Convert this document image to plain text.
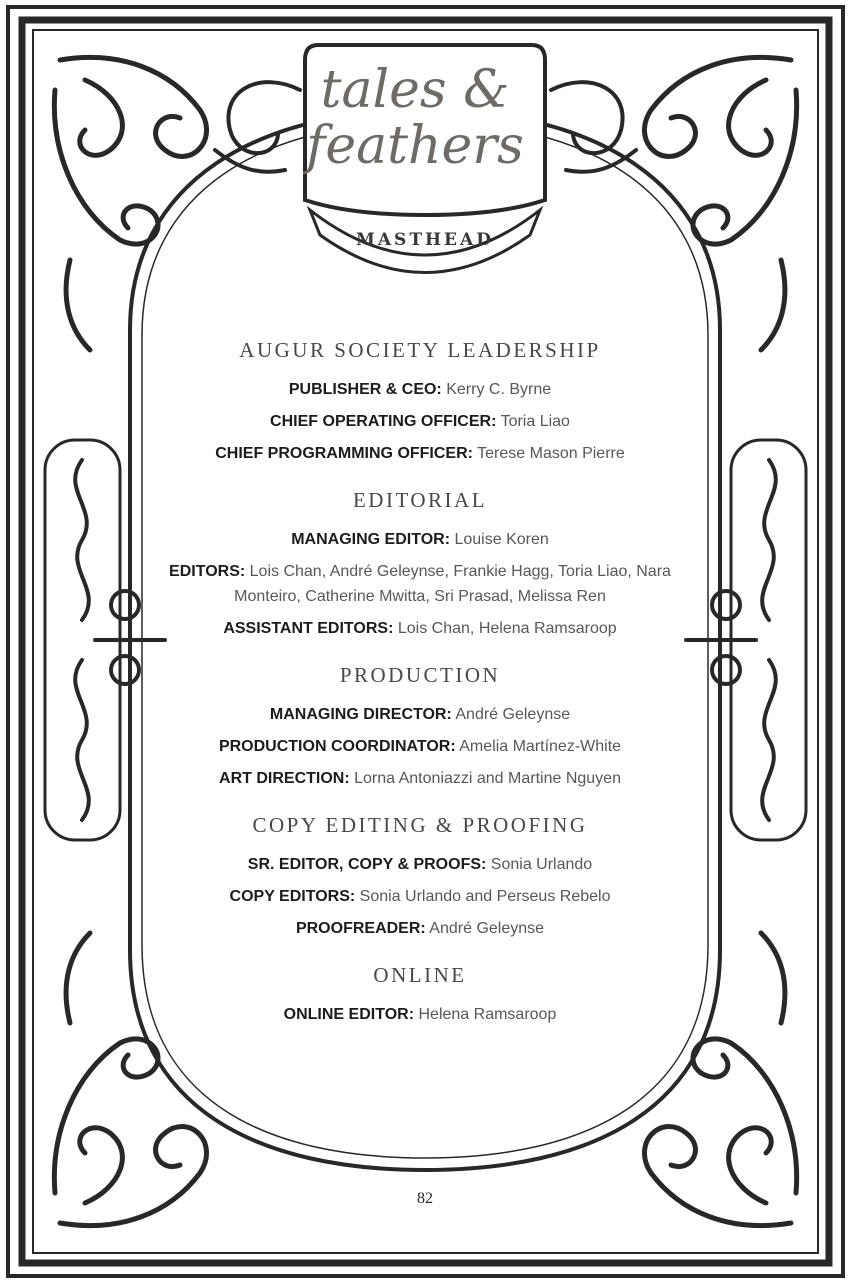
tales &
feathers
MASTHEAD
AUGUR SOCIETY LEADERSHIP
PUBLISHER & CEO: Kerry C. Byrne
CHIEF OPERATING OFFICER: Toria Liao
CHIEF PROGRAMMING OFFICER: Terese Mason Pierre
EDITORIAL
MANAGING EDITOR: Louise Koren
EDITORS: Lois Chan, André Geleynse, Frankie Hagg, Toria Liao, Nara Monteiro, Catherine Mwitta, Sri Prasad, Melissa Ren
ASSISTANT EDITORS: Lois Chan, Helena Ramsaroop
PRODUCTION
MANAGING DIRECTOR: André Geleynse
PRODUCTION COORDINATOR: Amelia Martínez-White
ART DIRECTION: Lorna Antoniazzi and Martine Nguyen
COPY EDITING & PROOFING
SR. EDITOR, COPY & PROOFS: Sonia Urlando
COPY EDITORS: Sonia Urlando and Perseus Rebelo
PROOFREADER: André Geleynse
ONLINE
ONLINE EDITOR: Helena Ramsaroop
82
